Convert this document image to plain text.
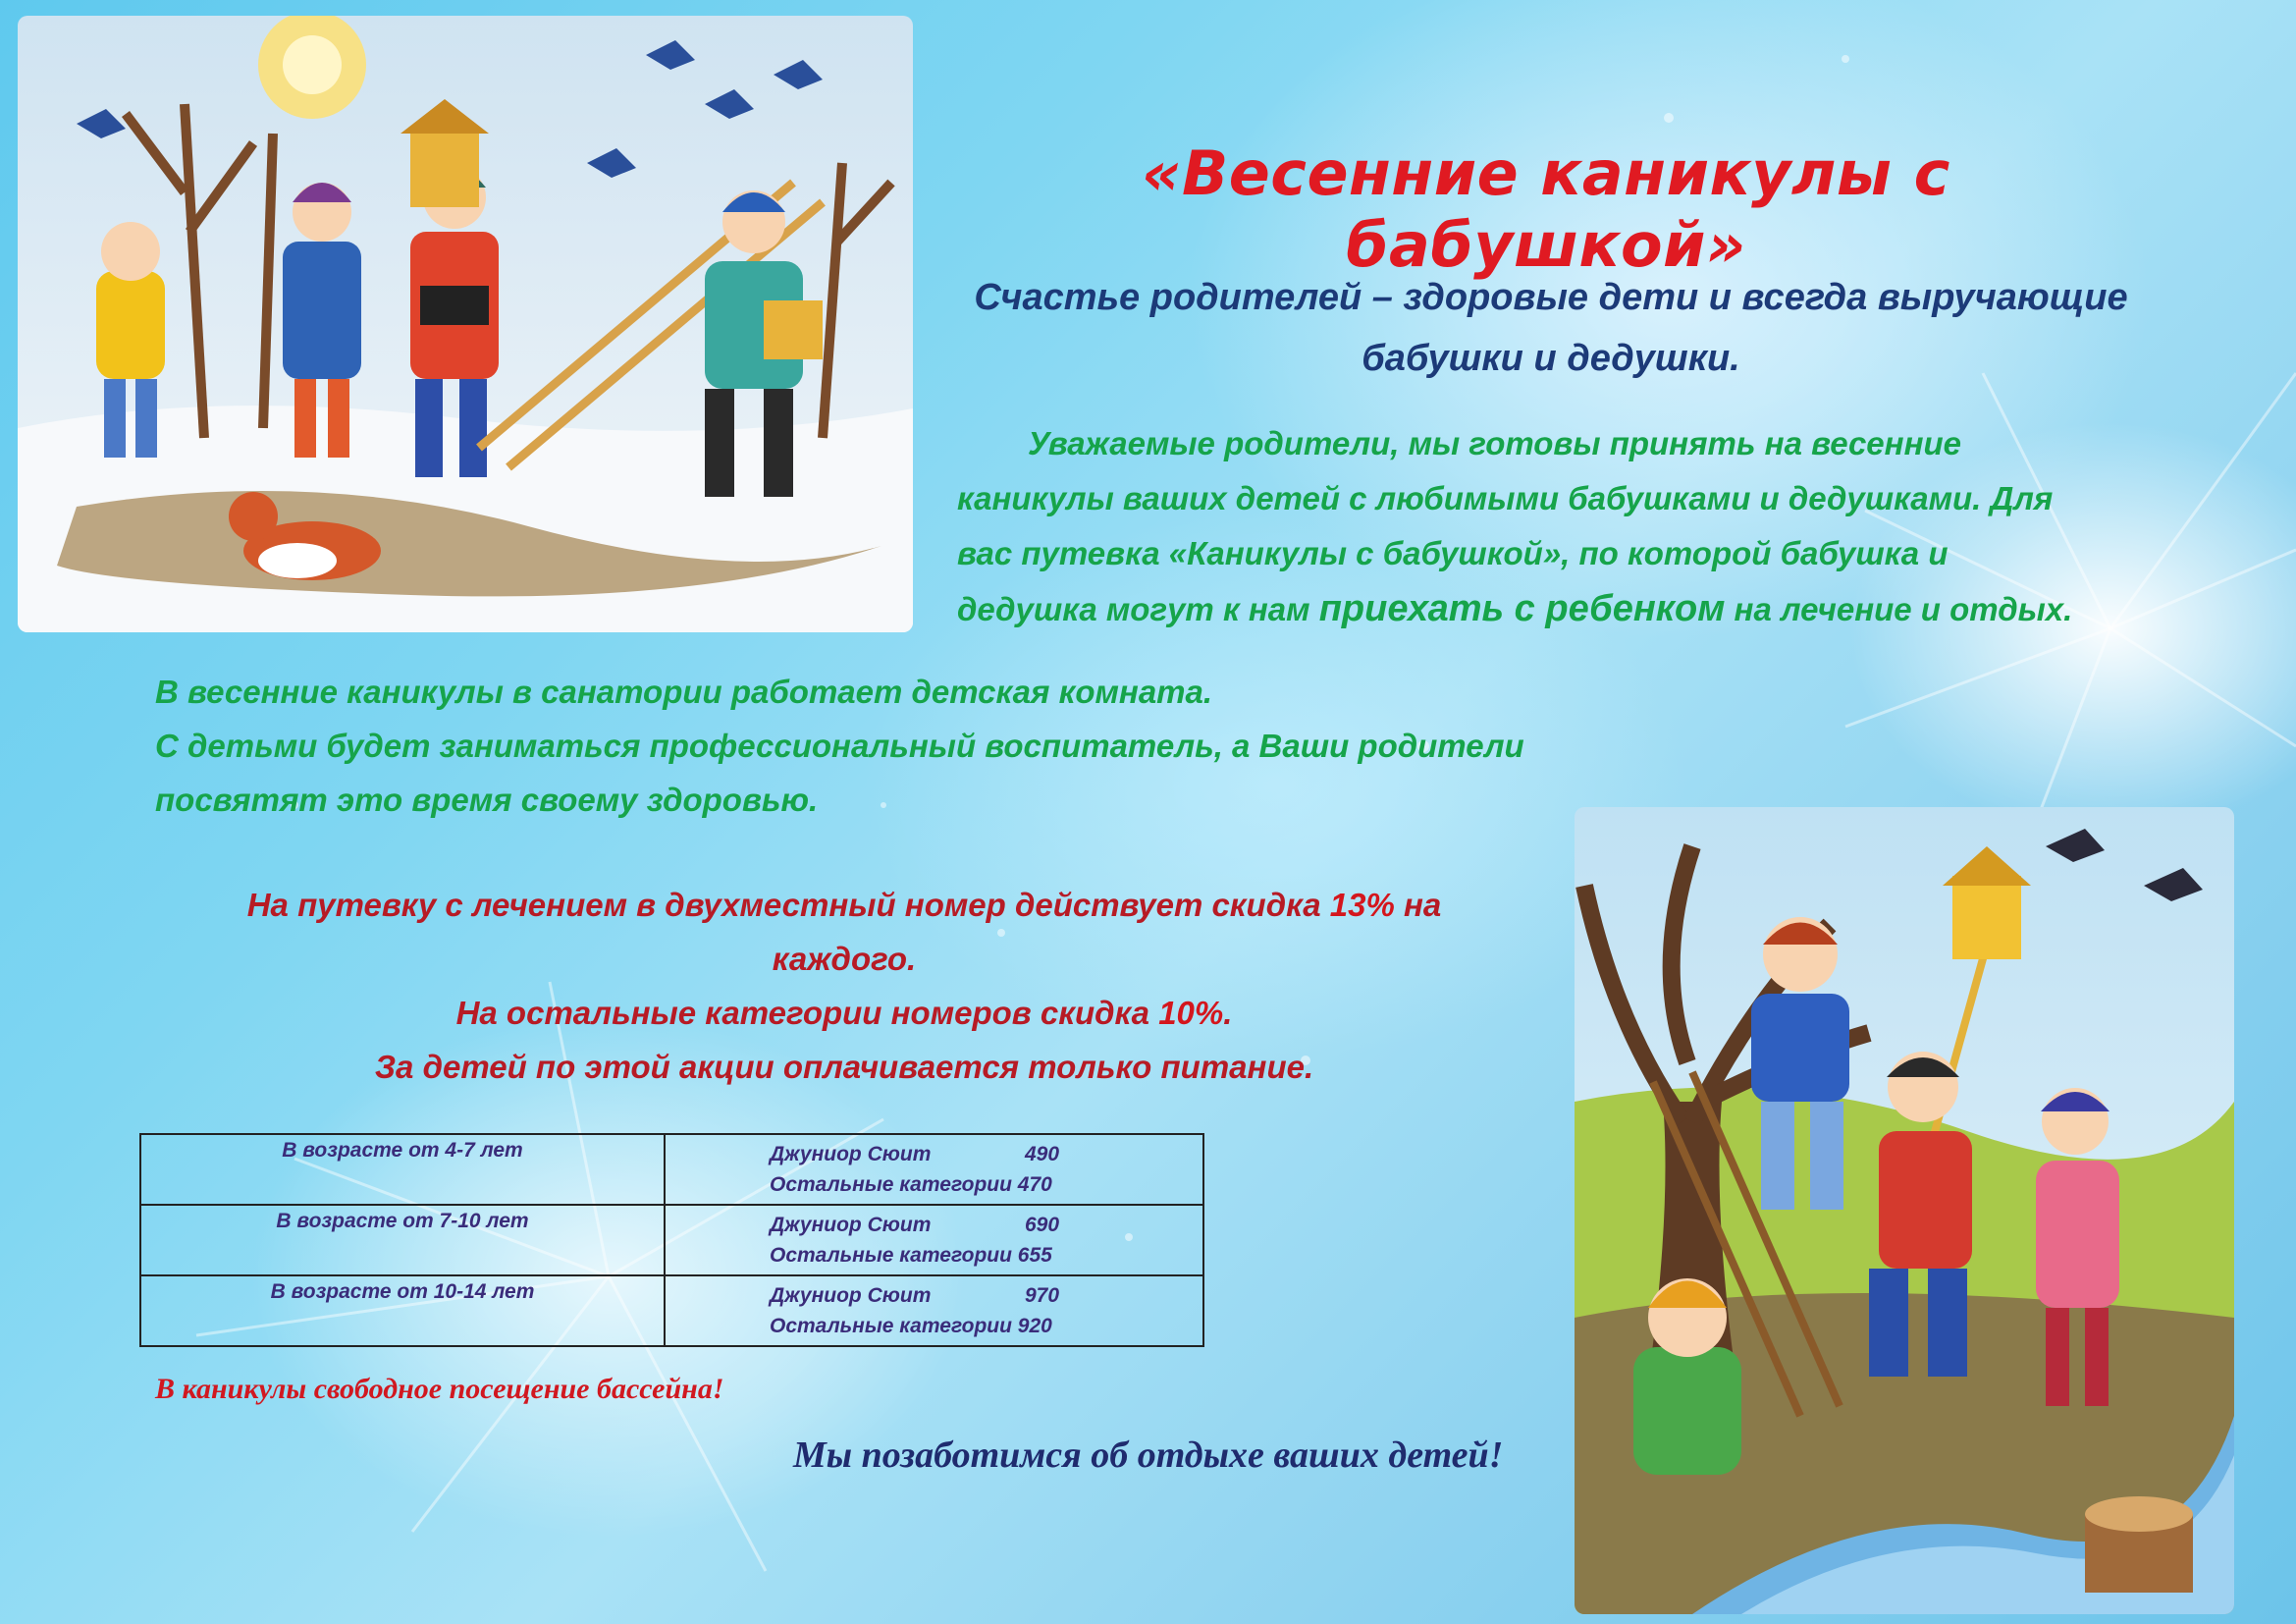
«Весенние каникулы с бабушкой»
Счастье родителей – здоровые дети и всегда выручающие
бабушки и дедушки.
Уважаемые родители, мы готовы принять на весенние
каникулы ваших детей с любимыми бабушками и дедушками. Для
вас путевка «Каникулы с бабушкой», по которой бабушка и
дедушка могут к нам приехать с ребенком на лечение и отдых.
В весенние каникулы в санатории работает детская комната.
С детьми будет заниматься профессиональный воспитатель, а Ваши родители
посвятят это время своему здоровью.
На путевку с лечением в двухместный номер действует скидка 13% на
каждого.
На остальные категории номеров скидка 10%.
За детей по этой акции оплачивается только питание.
В возрасте от 4-7 лет	Джуниор Сюит 490
Остальные категории 470

В возрасте от 7-10 лет	Джуниор Сюит 690
Остальные категории 655

В возрасте от 10-14 лет	Джуниор Сюит 970
Остальные категории 920
В каникулы свободное посещение бассейна!
Мы позаботимся об отдыхе ваших детей!
